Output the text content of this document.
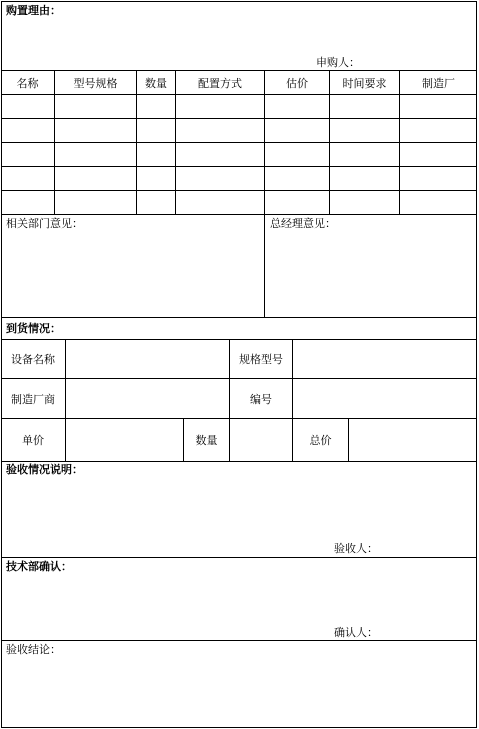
购置理由：
申购人：
名称	型号规格	数量	配置方式	估价	时间要求	制造厂
相关部门意见：	总经理意见：
到货情况：
设备名称	规格型号
制造厂商	编号
单价	数量	总价
验收情况说明：
验收人：
技术部确认：
确认人：
验收结论：
